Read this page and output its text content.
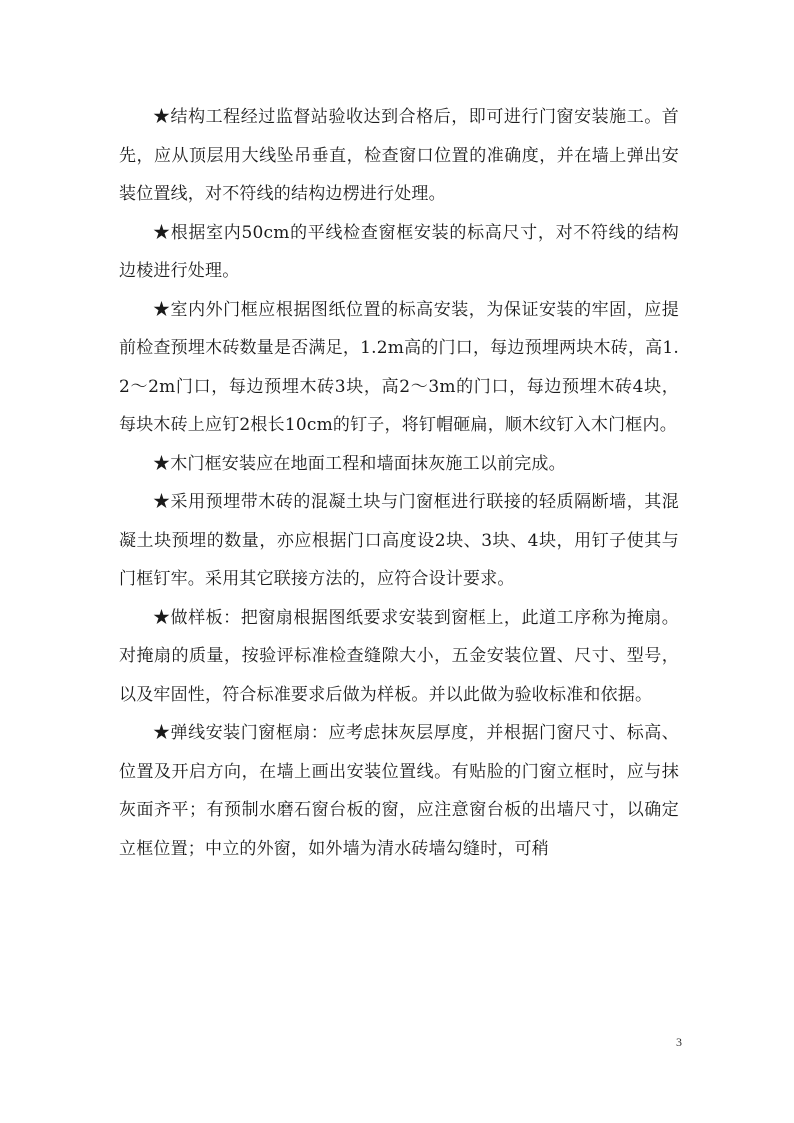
★结构工程经过监督站验收达到合格后，即可进行门窗安装施工。首先，应从顶层用大线坠吊垂直，检查窗口位置的准确度，并在墙上弹出安装位置线，对不符线的结构边楞进行处理。

★根据室内50cm的平线检查窗框安装的标高尺寸，对不符线的结构边棱进行处理。

★室内外门框应根据图纸位置的标高安装，为保证安装的牢固，应提前检查预埋木砖数量是否满足，1.2m高的门口，每边预埋两块木砖，高1.2～2m门口，每边预埋木砖3块，高2～3m的门口，每边预埋木砖4块，每块木砖上应钉2根长10cm的钉子，将钉帽砸扁，顺木纹钉入木门框内。

★木门框安装应在地面工程和墙面抹灰施工以前完成。

★采用预埋带木砖的混凝土块与门窗框进行联接的轻质隔断墙，其混凝土块预埋的数量，亦应根据门口高度设2块、3块、4块，用钉子使其与门框钉牢。采用其它联接方法的，应符合设计要求。

★做样板：把窗扇根据图纸要求安装到窗框上，此道工序称为掩扇。对掩扇的质量，按验评标准检查缝隙大小，五金安装位置、尺寸、型号，以及牢固性，符合标准要求后做为样板。并以此做为验收标准和依据。

★弹线安装门窗框扇：应考虑抹灰层厚度，并根据门窗尺寸、标高、位置及开启方向，在墙上画出安装位置线。有贴脸的门窗立框时，应与抹灰面齐平；有预制水磨石窗台板的窗，应注意窗台板的出墙尺寸，以确定立框位置；中立的外窗，如外墙为清水砖墙勾缝时，可稍

3
